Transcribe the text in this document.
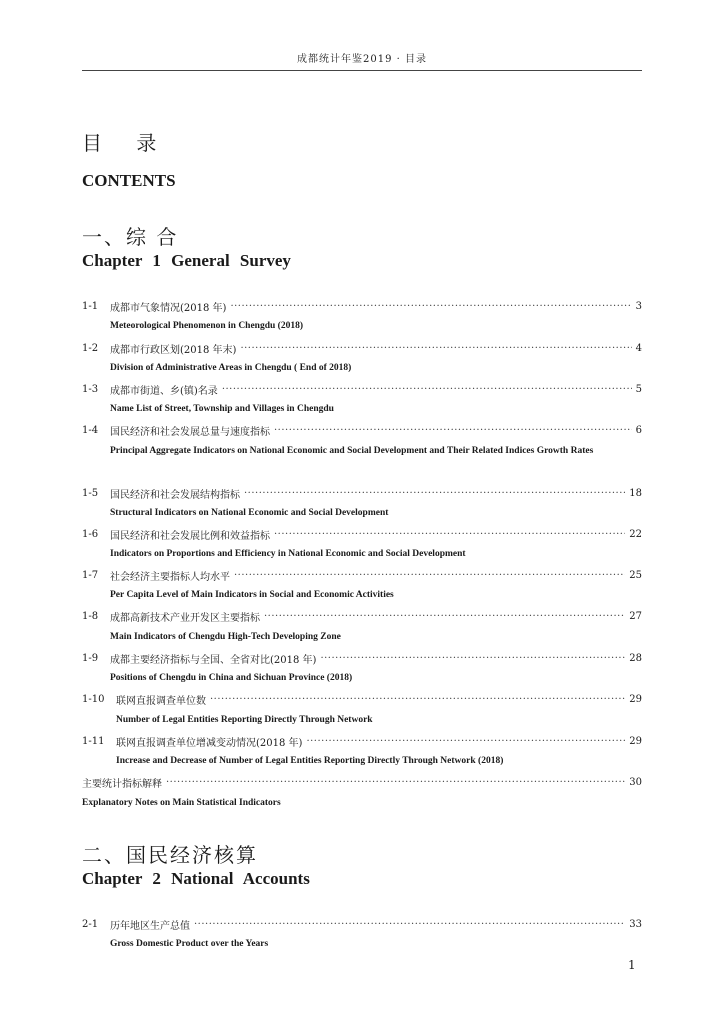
成都统计年鉴2019 · 目录
目 录
CONTENTS
一、综 合
Chapter 1 General Survey
1-1	成都市气象情况(2018 年) ·····	3
Meteorological Phenomenon in Chengdu (2018)
1-2	成都市行政区划(2018 年末) ·····	4
Division of Administrative Areas in Chengdu ( End of 2018)
1-3	成都市街道、乡(镇)名录 ·····	5
Name List of Street, Township and Villages in Chengdu
1-4	国民经济和社会发展总量与速度指标 ·····	6
Principal Aggregate Indicators on National Economic and Social Development and Their Related Indices Growth Rates
1-5	国民经济和社会发展结构指标 ·····	18
Structural Indicators on National Economic and Social Development
1-6	国民经济和社会发展比例和效益指标 ·····	22
Indicators on Proportions and Efficiency in National Economic and Social Development
1-7	社会经济主要指标人均水平 ·····	25
Per Capita Level of Main Indicators in Social and Economic Activities
1-8	成都高新技术产业开发区主要指标 ·····	27
Main Indicators of Chengdu High-Tech Developing Zone
1-9	成都主要经济指标与全国、全省对比(2018 年) ·····	28
Positions of Chengdu in China and Sichuan Province (2018)
1-10	联网直报调查单位数 ·····	29
Number of Legal Entities Reporting Directly Through Network
1-11	联网直报调查单位增减变动情况(2018 年) ·····	29
Increase and Decrease of Number of Legal Entities Reporting Directly Through Network (2018)
主要统计指标解释 ·····	30
Explanatory Notes on Main Statistical Indicators
二、国民经济核算
Chapter 2 National Accounts
2-1	历年地区生产总值 ·····	33
Gross Domestic Product over the Years
1
